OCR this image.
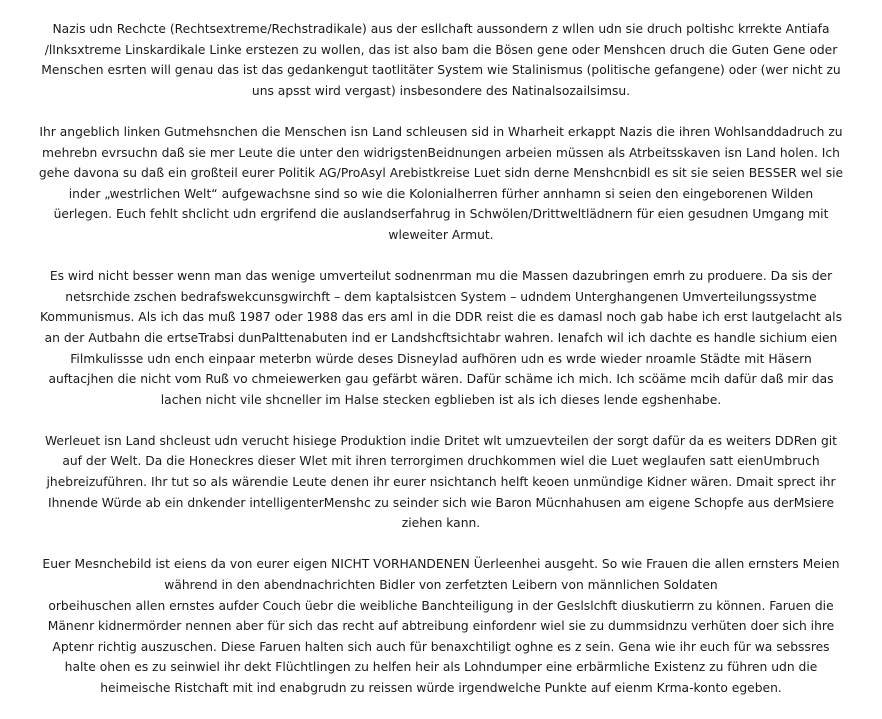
Nazis udn Rechcte (Rechtsextreme/Rechstradikale) aus der esllchaft aussondern z wllen udn sie druch poltishc krrekte Antiafa
/lInksxtreme Linskardikale Linke erstezen zu wollen, das ist also bam die Bösen gene oder Menshcen druch die Guten Gene oder
Menschen esrten will genau das ist das gedankengut taotlitäter System wie Stalinismus (politische gefangene) oder (wer nicht zu
uns apsst wird vergast) insbesondere des Natinalsozailsimsu.

Ihr angeblich linken Gutmehsnchen die Menschen isn Land schleusen sid in Wharheit erkappt Nazis die ihren Wohlsanddadruch zu
mehrebn evrsuchn daß sie mer Leute die unter den widrigstenBeidnungen arbeien müssen als Atrbeitsskaven isn Land holen. Ich
gehe davona su daß ein großteil eurer Politik AG/ProAsyl Arebistkreise Luet sidn derne Menshcnbidl es sit sie seien BESSER wel sie
inder „westrlichen Welt“ aufgewachsne sind so wie die Kolonialherren fürher annhamn si seien den eingeborenen Wilden
üerlegen. Euch fehlt shclicht udn ergrifend die auslandserfahrug in Schwölen/Drittweltlädnern für eien gesudnen Umgang mit
wleweiter Armut.

Es wird nicht besser wenn man das wenige umverteilut sodnenrman mu die Massen dazubringen emrh zu produere. Da sis der
netsrchide zschen bedrafswekcunsgwirchft – dem kaptalsistcen System – udndem Unterghangenen Umverteilungssystme
Kommunismus. Als ich das muß 1987 oder 1988 das ers aml in die DDR reist die es damasl noch gab habe ich erst lautgelacht als
an der Autbahn die ertseTrabsi dunPalttenabuten ind er Landshcftsichtabr wahren. Ienafch wil ich dachte es handle sichium eien
Filmkulissse udn ench einpaar meterbn würde deses Disneylad aufhören udn es wrde wieder nroamle Städte mit Häsern
auftacjhen die nicht vom Ruß vo chmeiewerken gau gefärbt wären. Dafür schäme ich mich. Ich scöäme mcih dafür daß mir das
lachen nicht vile shcneller im Halse stecken egblieben ist als ich dieses lende egshenhabe.

Werleuet isn Land shcleust udn verucht hisiege Produktion indie Dritet wlt umzuevteilen der sorgt dafür da es weiters DDRen git
auf der Welt. Da die Honeckres dieser Wlet mit ihren terrorgimen druchkommen wiel die Luet weglaufen satt eienUmbruch
jhebreizuführen. Ihr tut so als wärendie Leute denen ihr eurer nsichtanch helft keoen unmündige Kidner wären. Dmait sprect ihr
Ihnende Würde ab ein dnkender intelligenterMenshc zu seinder sich wie Baron Mücnhahusen am eigene Schopfe aus derMsiere
ziehen kann.

Euer Mesnchebild ist eiens da von eurer eigen NICHT VORHANDENEN Üerleenhei ausgeht. So wie Frauen die allen ernsters Meien
während in den abendnachrichten Bidler von zerfetzten Leibern von männlichen Soldaten
orbeihuschen allen ernstes aufder Couch üebr die weibliche Banchteiligung in der Geslslchft diuskutierrn zu können. Faruen die
Mänenr kidnermörder nennen aber für sich das recht auf abtreibung einfordenr wiel sie zu dummsidnzu verhüten doer sich ihre
Aptenr richtig auszuschen. Diese Faruen halten sich auch für benaxchtiligt oghne es z sein. Gena wie ihr euch für wa sebssres
halte ohen es zu seinwiel ihr dekt Flüchtlingen zu helfen heir als Lohndumper eine erbärmliche Existenz zu führen udn die
heimeische Ristchaft mit ind enabgrudn zu reissen würde irgendwelche Punkte auf eienm Krma-konto egeben.
